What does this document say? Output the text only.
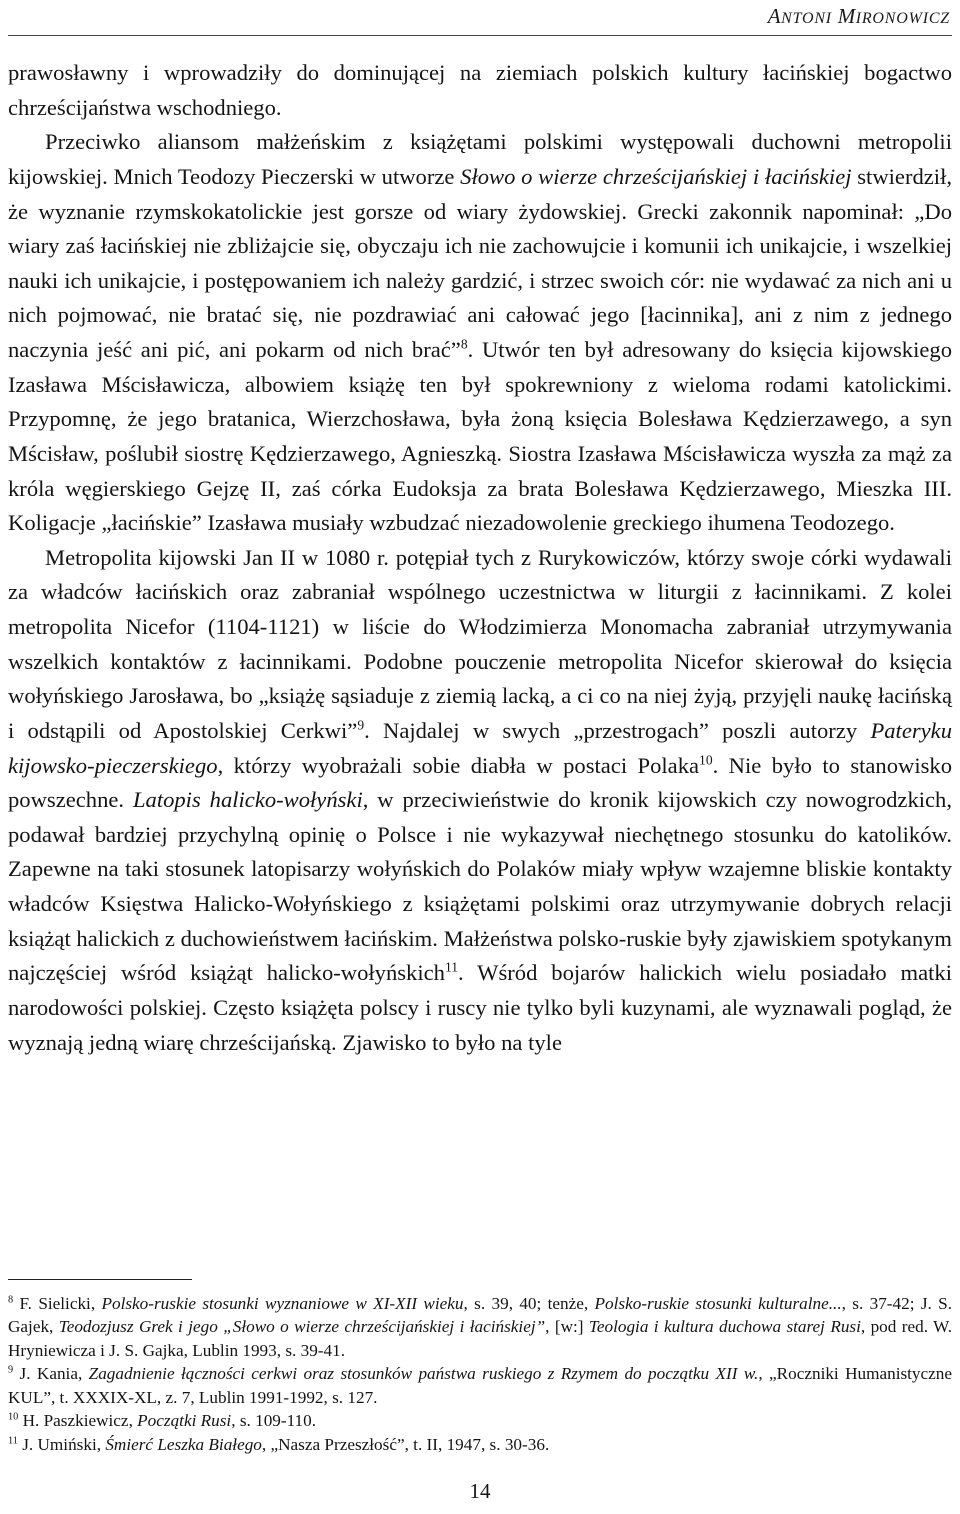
ANTONI MIRONOWICZ

prawosławny i wprowadziły do dominującej na ziemiach polskich kultury łacińskiej bogactwo chrześcijaństwa wschodniego.

Przeciwko aliansom małżeńskim z książętami polskimi występowali duchowni metropolii kijowskiej. Mnich Teodozy Pieczerski w utworze Słowo o wierze chrześcijańskiej i łacińskiej stwierdził, że wyznanie rzymskokatolickie jest gorsze od wiary żydowskiej. Grecki zakonnik napominał: „Do wiary zaś łacińskiej nie zbliżajcie się, obyczaju ich nie zachowujcie i komunii ich unikajcie, i wszelkiej nauki ich unikajcie, i postępowaniem ich należy gardzić, i strzec swoich cór: nie wydawać za nich ani u nich pojmować, nie bratać się, nie pozdrawiać ani całować jego [łacinnika], ani z nim z jednego naczynia jeść ani pić, ani pokarm od nich brać”$^8$. Utwór ten był adresowany do księcia kijowskiego Izasława Mścisławicza, albowiem książę ten był spokrewniony z wieloma rodami katolickimi. Przypomnę, że jego bratanica, Wierzchosława, była żoną księcia Bolesława Kędzierzawego, a syn Mścisław, poślubił siostrę Kędzierzawego, Agnieszką. Siostra Izasława Mścisławicza wyszła za mąż za króla węgierskiego Gejzę II, zaś córka Eudoksja za brata Bolesława Kędzierzawego, Mieszka III. Koligacje „łacińskie” Izasława musiały wzbudzać niezadowolenie greckiego ihumena Teodozego.

Metropolita kijowski Jan II w 1080 r. potępiał tych z Rurykowiczów, którzy swoje córki wydawali za władców łacińskich oraz zabraniał wspólnego uczestnictwa w liturgii z łacinnikami. Z kolei metropolita Nicefor (1104-1121) w liście do Włodzimierza Monomacha zabraniał utrzymywania wszelkich kontaktów z łacinnikami. Podobne pouczenie metropolita Nicefor skierował do księcia wołyńskiego Jarosława, bo „książę sąsiaduje z ziemią lacką, a ci co na niej żyją, przyjęli naukę łacińską i odstąpili od Apostolskiej Cerkwi”$^9$. Najdalej w swych „przestrogach” poszli autorzy Pateryku kijowsko-pieczerskiego, którzy wyobrażali sobie diabła w postaci Polaka$^{10}$. Nie było to stanowisko powszechne. Latopis halicko-wołyński, w przeciwieństwie do kronik kijowskich czy nowogrodzkich, podawał bardziej przychylną opinię o Polsce i nie wykazywał niechętnego stosunku do katolików. Zapewne na taki stosunek latopisarzy wołyńskich do Polaków miały wpływ wzajemne bliskie kontakty władców Księstwa Halicko-Wołyńskiego z książętami polskimi oraz utrzymywanie dobrych relacji książąt halickich z duchowieństwem łacińskim. Małżeństwa polsko-ruskie były zjawiskiem spotykanym najczęściej wśród książąt halicko-wołyńskich$^{11}$. Wśród bojarów halickich wielu posiadało matki narodowości polskiej. Często książęta polscy i ruscy nie tylko byli kuzynami, ale wyznawali pogląd, że wyznają jedną wiarę chrześcijańską. Zjawisko to było na tyle

$^8$ F. Sielicki, Polsko-ruskie stosunki wyznaniowe w XI-XII wieku, s. 39, 40; tenże, Polsko-ruskie stosunki kulturalne..., s. 37-42; J. S. Gajek, Teodozjusz Grek i jego „Słowo o wierze chrześcijańskiej i łacińskiej”, [w:] Teologia i kultura duchowa starej Rusi, pod red. W. Hryniewicza i J. S. Gajka, Lublin 1993, s. 39-41.

$^9$ J. Kania, Zagadnienie łączności cerkwi oraz stosunków państwa ruskiego z Rzymem do początku XII w., „Roczniki Humanistyczne KUL”, t. XXXIX-XL, z. 7, Lublin 1991-1992, s. 127.

$^{10}$ H. Paszkiewicz, Początki Rusi, s. 109-110.

$^{11}$ J. Umiński, Śmierć Leszka Białego, „Nasza Przeszłość”, t. II, 1947, s. 30-36.

14
